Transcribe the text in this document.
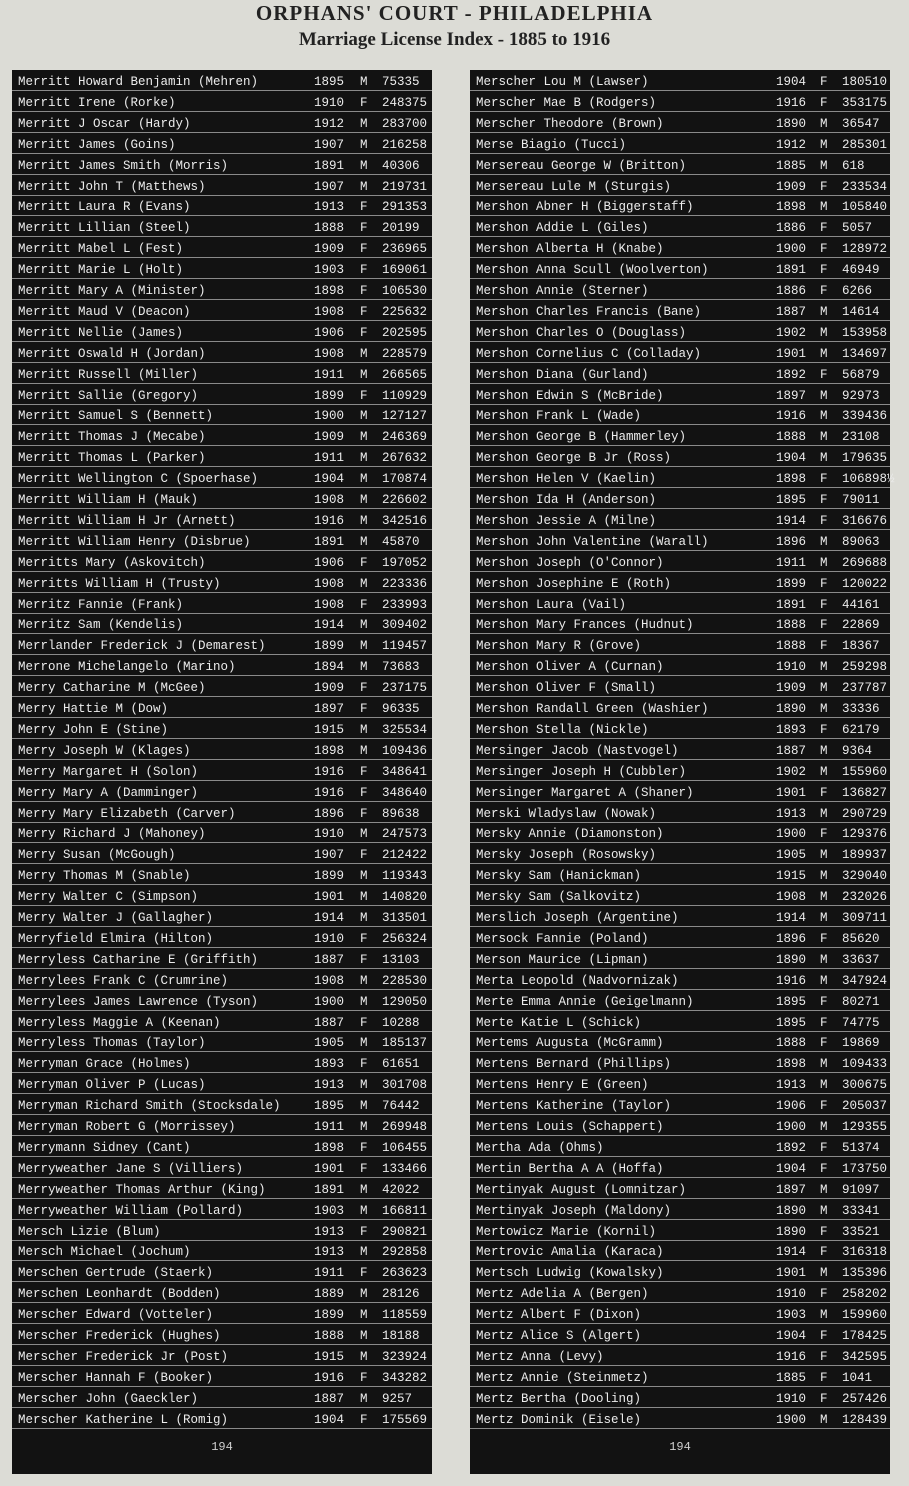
ORPHANS' COURT - PHILADELPHIA
Marriage License Index - 1885 to 1916
194
Merritt Howard Benjamin (Mehren)	1895 M 75335
Merritt Irene (Rorke)	1910 F 248375
Merritt J Oscar (Hardy)	1912 M 283700
Merritt James (Goins)	1907 M 216258
Merritt James Smith (Morris)	1891 M 40306
Merritt John T (Matthews)	1907 M 219731
Merritt Laura R (Evans)	1913 F 291353
Merritt Lillian (Steel)	1888 F 20199
Merritt Mabel L (Fest)	1909 F 236965
Merritt Marie L (Holt)	1903 F 169061
Merritt Mary A (Minister)	1898 F 106530
Merritt Maud V (Deacon)	1908 F 225632
Merritt Nellie (James)	1906 F 202595
Merritt Oswald H (Jordan)	1908 M 228579
Merritt Russell (Miller)	1911 M 266565
Merritt Sallie (Gregory)	1899 F 110929
Merritt Samuel S (Bennett)	1900 M 127127
Merritt Thomas J (Mecabe)	1909 M 246369
Merritt Thomas L (Parker)	1911 M 267632
Merritt Wellington C (Spoerhase)	1904 M 170874
Merritt William H (Mauk)	1908 M 226602
Merritt William H Jr (Arnett)	1916 M 342516
Merritt William Henry (Disbrue)	1891 M 45870
Merritts Mary (Askovitch)	1906 F 197052
Merritts William H (Trusty)	1908 M 223336
Merritz Fannie (Frank)	1908 F 233993
Merritz Sam (Kendelis)	1914 M 309402
Merrlander Frederick J (Demarest)	1899 M 119457
Merrone Michelangelo (Marino)	1894 M 73683
Merry Catharine M (McGee)	1909 F 237175
Merry Hattie M (Dow)	1897 F 96335
Merry John E (Stine)	1915 M 325534
Merry Joseph W (Klages)	1898 M 109436
Merry Margaret H (Solon)	1916 F 348641
Merry Mary A (Damminger)	1916 F 348640
Merry Mary Elizabeth (Carver)	1896 F 89638
Merry Richard J (Mahoney)	1910 M 247573
Merry Susan (McGough)	1907 F 212422
Merry Thomas M (Snable)	1899 M 119343
Merry Walter C (Simpson)	1901 M 140820
Merry Walter J (Gallagher)	1914 M 313501
Merryfield Elmira (Hilton)	1910 F 256324
Merryless Catharine E (Griffith)	1887 F 13103
Merrylees Frank C (Crumrine)	1908 M 228530
Merrylees James Lawrence (Tyson)	1900 M 129050
Merryless Maggie A (Keenan)	1887 F 10288
Merryless Thomas (Taylor)	1905 M 185137
Merryman Grace (Holmes)	1893 F 61651
Merryman Oliver P (Lucas)	1913 M 301708
Merryman Richard Smith (Stocksdale)	1895 M 76442
Merryman Robert G (Morrissey)	1911 M 269948
Merrymann Sidney (Cant)	1898 F 106455
Merryweather Jane S (Villiers)	1901 F 133466
Merryweather Thomas Arthur (King)	1891 M 42022
Merryweather William (Pollard)	1903 M 166811
Mersch Lizie (Blum)	1913 F 290821
Mersch Michael (Jochum)	1913 M 292858
Merschen Gertrude (Staerk)	1911 F 263623
Merschen Leonhardt (Bodden)	1889 M 28126
Merscher Edward (Votteler)	1899 M 118559
Merscher Frederick (Hughes)	1888 M 18188
Merscher Frederick Jr (Post)	1915 M 323924
Merscher Hannah F (Booker)	1916 F 343282
Merscher John (Gaeckler)	1887 M 9257
Merscher Katherine L (Romig)	1904 F 175569
194
Merscher Lou M (Lawser)	1904 F 180510
Merscher Mae B (Rodgers)	1916 F 353175
Merscher Theodore (Brown)	1890 M 36547
Merse Biagio (Tucci)	1912 M 285301
Mersereau George W (Britton)	1885 M 618
Mersereau Lule M (Sturgis)	1909 F 233534
Mershon Abner H (Biggerstaff)	1898 M 105840
Mershon Addie L (Giles)	1886 F 5057
Mershon Alberta H (Knabe)	1900 F 128972
Mershon Anna Scull (Woolverton)	1891 F 46949
Mershon Annie (Sterner)	1886 F 6266
Mershon Charles Francis (Bane)	1887 M 14614
Mershon Charles O (Douglass)	1902 M 153958
Mershon Cornelius C (Colladay)	1901 M 134697
Mershon Diana (Gurland)	1892 F 56879
Mershon Edwin S (McBride)	1897 M 92973
Mershon Frank L (Wade)	1916 M 339436
Mershon George B (Hammerley)	1888 M 23108
Mershon George B Jr (Ross)	1904 M 179635
Mershon Helen V (Kaelin)	1898 F 106898½
Mershon Ida H (Anderson)	1895 F 79011
Mershon Jessie A (Milne)	1914 F 316676
Mershon John Valentine (Warall)	1896 M 89063
Mershon Joseph (O'Connor)	1911 M 269688
Mershon Josephine E (Roth)	1899 F 120022
Mershon Laura (Vail)	1891 F 44161
Mershon Mary Frances (Hudnut)	1888 F 22869
Mershon Mary R (Grove)	1888 F 18367
Mershon Oliver A (Curnan)	1910 M 259298
Mershon Oliver F (Small)	1909 M 237787
Mershon Randall Green (Washier)	1890 M 33336
Mershon Stella (Nickle)	1893 F 62179
Mersinger Jacob (Nastvogel)	1887 M 9364
Mersinger Joseph H (Cubbler)	1902 M 155960
Mersinger Margaret A (Shaner)	1901 F 136827
Merski Wladyslaw (Nowak)	1913 M 290729
Mersky Annie (Diamonston)	1900 F 129376
Mersky Joseph (Rosowsky)	1905 M 189937
Mersky Sam (Hanickman)	1915 M 329040
Mersky Sam (Salkovitz)	1908 M 232026
Merslich Joseph (Argentine)	1914 M 309711
Mersock Fannie (Poland)	1896 F 85620
Merson Maurice (Lipman)	1890 M 33637
Merta Leopold (Nadvornizak)	1916 M 347924
Merte Emma Annie (Geigelmann)	1895 F 80271
Merte Katie L (Schick)	1895 F 74775
Mertems Augusta (McGramm)	1888 F 19869
Mertens Bernard (Phillips)	1898 M 109433
Mertens Henry E (Green)	1913 M 300675
Mertens Katherine (Taylor)	1906 F 205037
Mertens Louis (Schappert)	1900 M 129355
Mertha Ada (Ohms)	1892 F 51374
Mertin Bertha A A (Hoffa)	1904 F 173750
Mertinyak August (Lomnitzar)	1897 M 91097
Mertinyak Joseph (Maldony)	1890 M 33341
Mertowicz Marie (Kornil)	1890 F 33521
Mertrovic Amalia (Karaca)	1914 F 316318
Mertsch Ludwig (Kowalsky)	1901 M 135396
Mertz Adelia A (Bergen)	1910 F 258202
Mertz Albert F (Dixon)	1903 M 159960
Mertz Alice S (Algert)	1904 F 178425
Mertz Anna (Levy)	1916 F 342595
Mertz Annie (Steinmetz)	1885 F 1041
Mertz Bertha (Dooling)	1910 F 257426
Mertz Dominik (Eisele)	1900 M 128439
